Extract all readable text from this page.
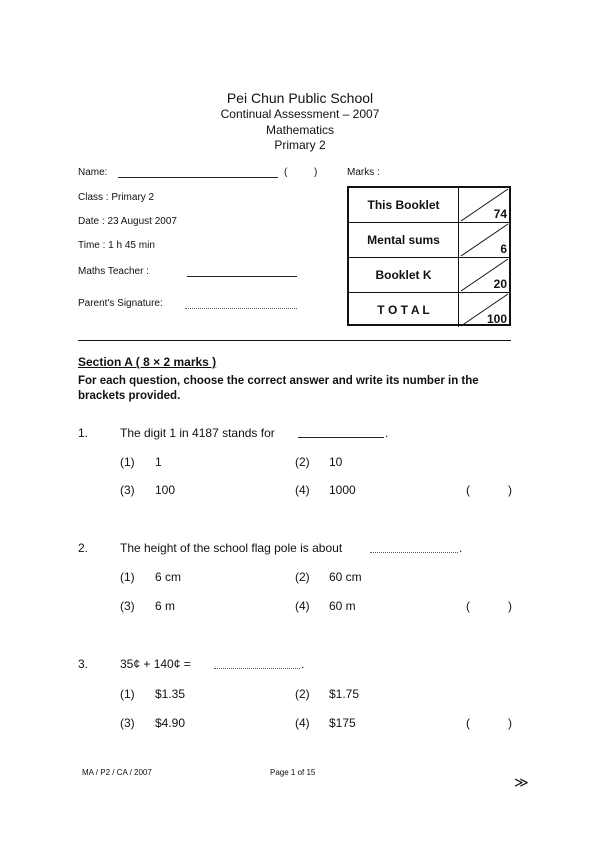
Pei Chun Public School
Continual Assessment – 2007
Mathematics
Primary 2
Name:	(	)	Marks :
Class : Primary 2
Date : 23 August 2007
Time : 1 h 45 min
Maths Teacher :
Parent's Signature:
This Booklet
74
Mental sums
6
Booklet K
20
T O T A L
100
Section A ( 8 × 2 marks )
For each question, choose the correct answer and write its number in the brackets provided.
1.	The digit 1 in 4187 stands for	.
(1) 1	(2) 10
(3) 100	(4) 1000	(	)
2.	The height of the school flag pole is about	.
(1) 6 cm	(2) 60 cm
(3) 6 m	(4) 60 m	(	)
3.	35¢ + 140¢ =	.
(1) $1.35	(2) $1.75
(3) $4.90	(4) $175	(	)
MA / P2 / CA / 2007	Page 1 of 15
≫
